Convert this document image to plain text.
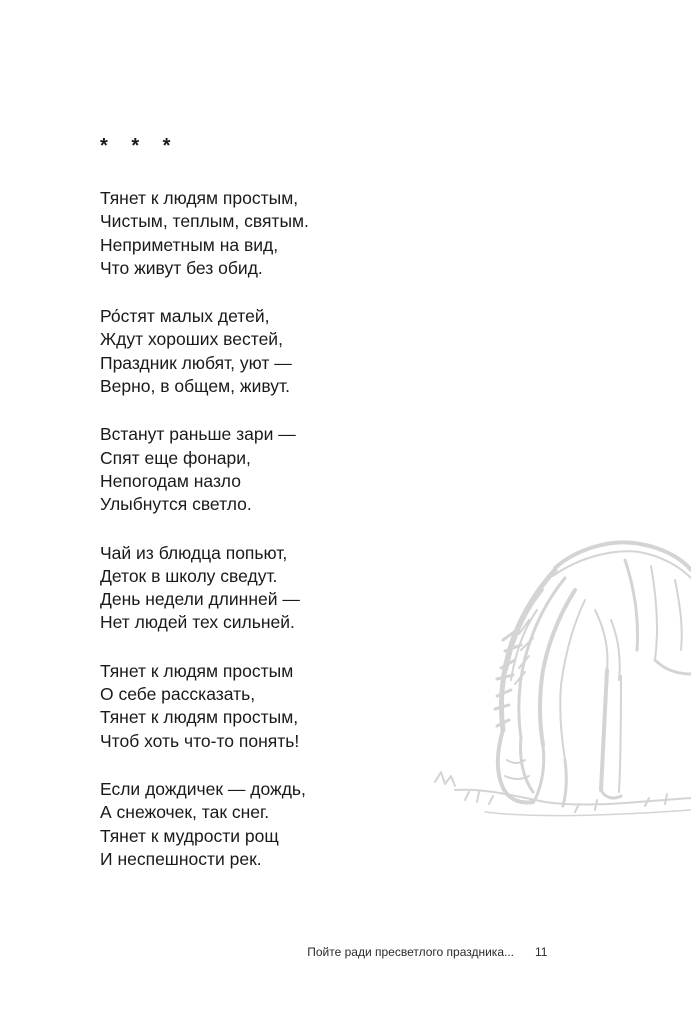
* * *
Тянет к людям простым,
Чистым, теплым, святым.
Неприметным на вид,
Что живут без обид.
Ро́стят малых детей,
Ждут хороших вестей,
Праздник любят, уют —
Верно, в общем, живут.
Встанут раньше зари —
Спят еще фонари,
Непогодам назло
Улыбнутся светло.
Чай из блюдца попьют,
Деток в школу сведут.
День недели длинней —
Нет людей тех сильней.
Тянет к людям простым
О себе рассказать,
Тянет к людям простым,
Чтоб хоть что-то понять!
Если дождичек — дождь,
А снежочек, так снег.
Тянет к мудрости рощ
И неспешности рек.
Пойте ради пресветлого праздника... 11
